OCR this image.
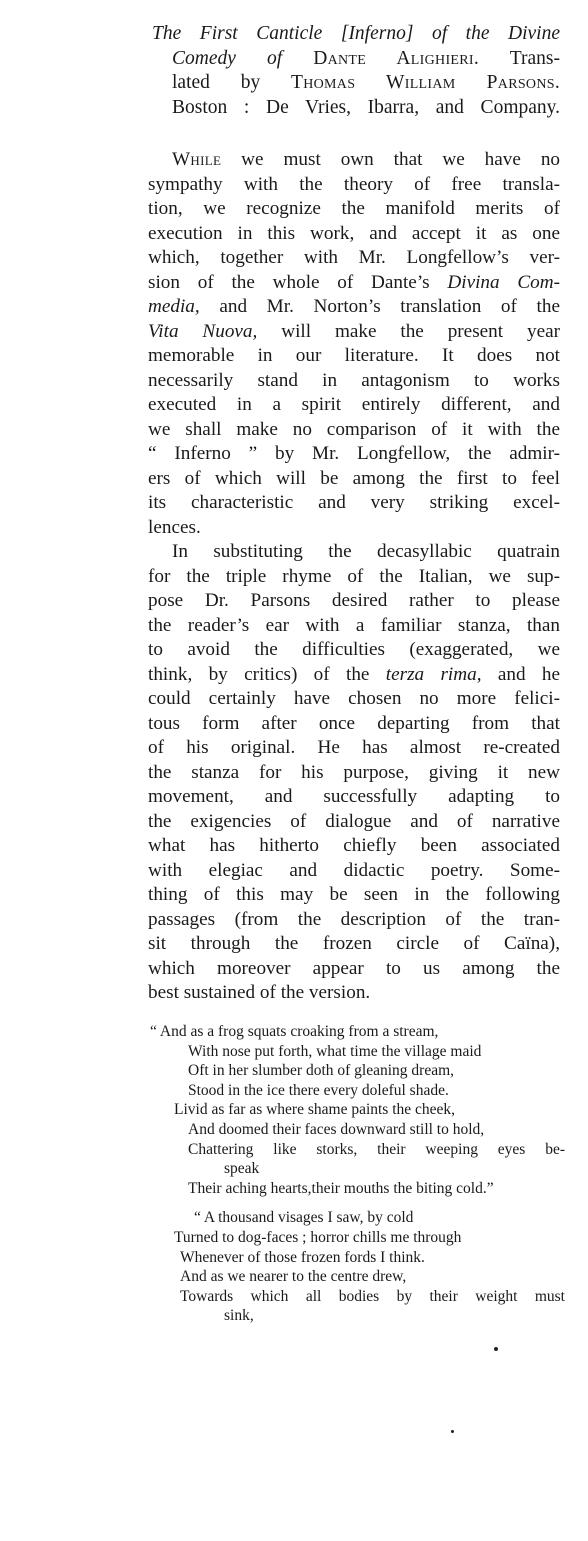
The First Canticle [Inferno] of the Divine
Comedy of Dante Alighieri. Trans-
lated by Thomas William Parsons.
Boston : De Vries, Ibarra, and Company.
While we must own that we have no
sympathy with the theory of free transla-
tion, we recognize the manifold merits of
execution in this work, and accept it as one
which, together with Mr. Longfellow’s ver-
sion of the whole of Dante’s Divina Com-
media, and Mr. Norton’s translation of the
Vita Nuova, will make the present year
memorable in our literature. It does not
necessarily stand in antagonism to works
executed in a spirit entirely different, and
we shall make no comparison of it with the
“ Inferno ” by Mr. Longfellow, the admir-
ers of which will be among the first to feel
its characteristic and very striking excel-
lences.
In substituting the decasyllabic quatrain
for the triple rhyme of the Italian, we sup-
pose Dr. Parsons desired rather to please
the reader’s ear with a familiar stanza, than
to avoid the difficulties (exaggerated, we
think, by critics) of the terza rima, and he
could certainly have chosen no more felici-
tous form after once departing from that
of his original. He has almost re-created
the stanza for his purpose, giving it new
movement, and successfully adapting to
the exigencies of dialogue and of narrative
what has hitherto chiefly been associated
with elegiac and didactic poetry. Some-
thing of this may be seen in the following
passages (from the description of the tran-
sit through the frozen circle of Caïna),
which moreover appear to us among the
best sustained of the version.
“ And as a frog squats croaking from a stream,
With nose put forth, what time the village maid
Oft in her slumber doth of gleaning dream,
Stood in the ice there every doleful shade.
Livid as far as where shame paints the cheek,
And doomed their faces downward still to hold,
Chattering like storks, their weeping eyes be-
speak
Their aching hearts,their mouths the biting cold.”
“ A thousand visages I saw, by cold
Turned to dog-faces ; horror chills me through
Whenever of those frozen fords I think.
And as we nearer to the centre drew,
Towards which all bodies by their weight must
sink,
